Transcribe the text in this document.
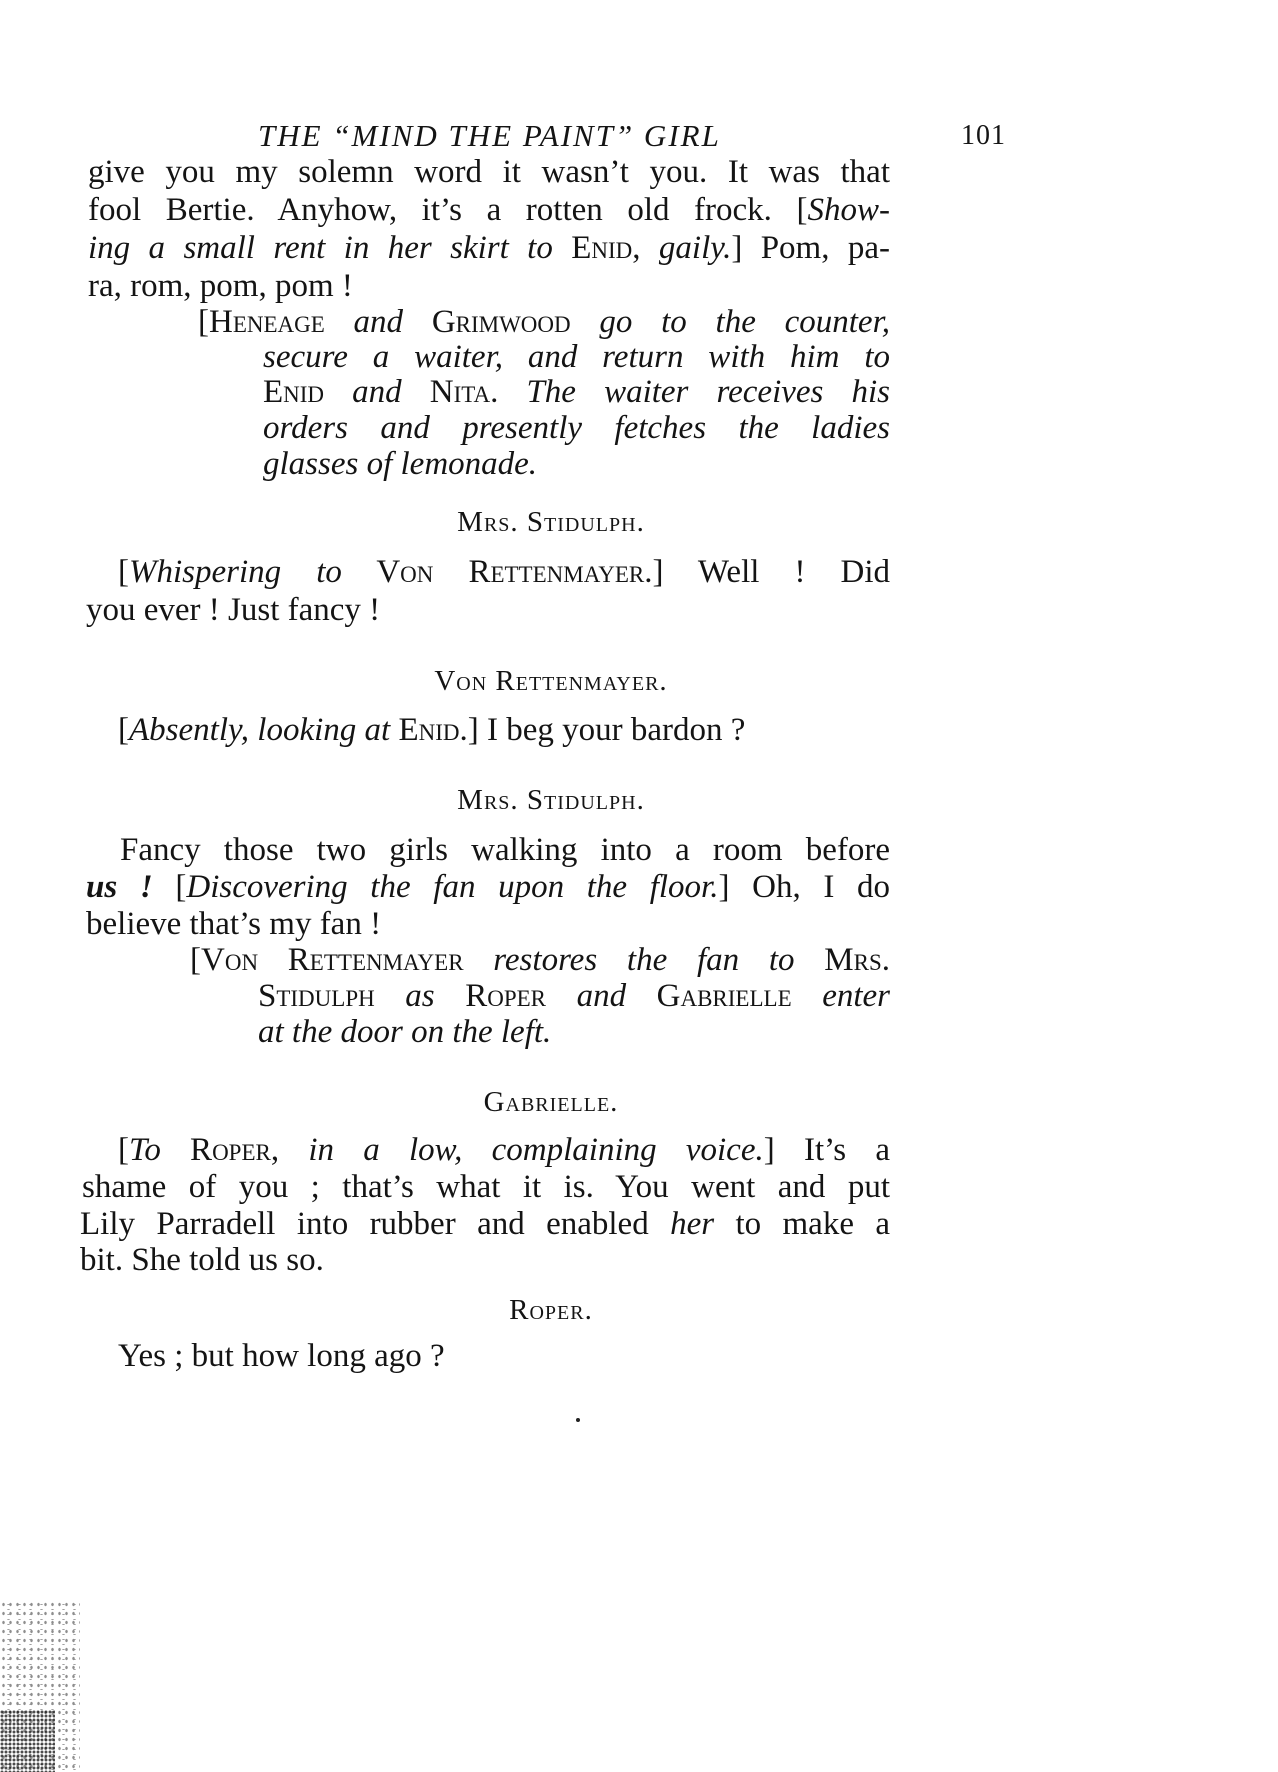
THE “MIND THE PAINT” GIRL	101
give you my solemn word it wasn’t you. It was that
fool Bertie. Anyhow, it’s a rotten old frock. [Show-
ing a small rent in her skirt to Enid, gaily.] Pom, pa-
ra, rom, pom, pom !
[Heneage and Grimwood go to the counter,
secure a waiter, and return with him to
Enid and Nita. The waiter receives his
orders and presently fetches the ladies
glasses of lemonade.
Mrs. Stidulph.
[Whispering to Von Rettenmayer.] Well ! Did
you ever ! Just fancy !
Von Rettenmayer.
[Absently, looking at Enid.] I beg your bardon ?
Mrs. Stidulph.
Fancy those two girls walking into a room before
us ! [Discovering the fan upon the floor.] Oh, I do
believe that’s my fan !
[Von Rettenmayer restores the fan to Mrs.
Stidulph as Roper and Gabrielle enter
at the door on the left.
Gabrielle.
[To Roper, in a low, complaining voice.] It’s a
shame of you ; that’s what it is. You went and put
Lily Parradell into rubber and enabled her to make a
bit. She told us so.
Roper.
Yes ; but how long ago ?
